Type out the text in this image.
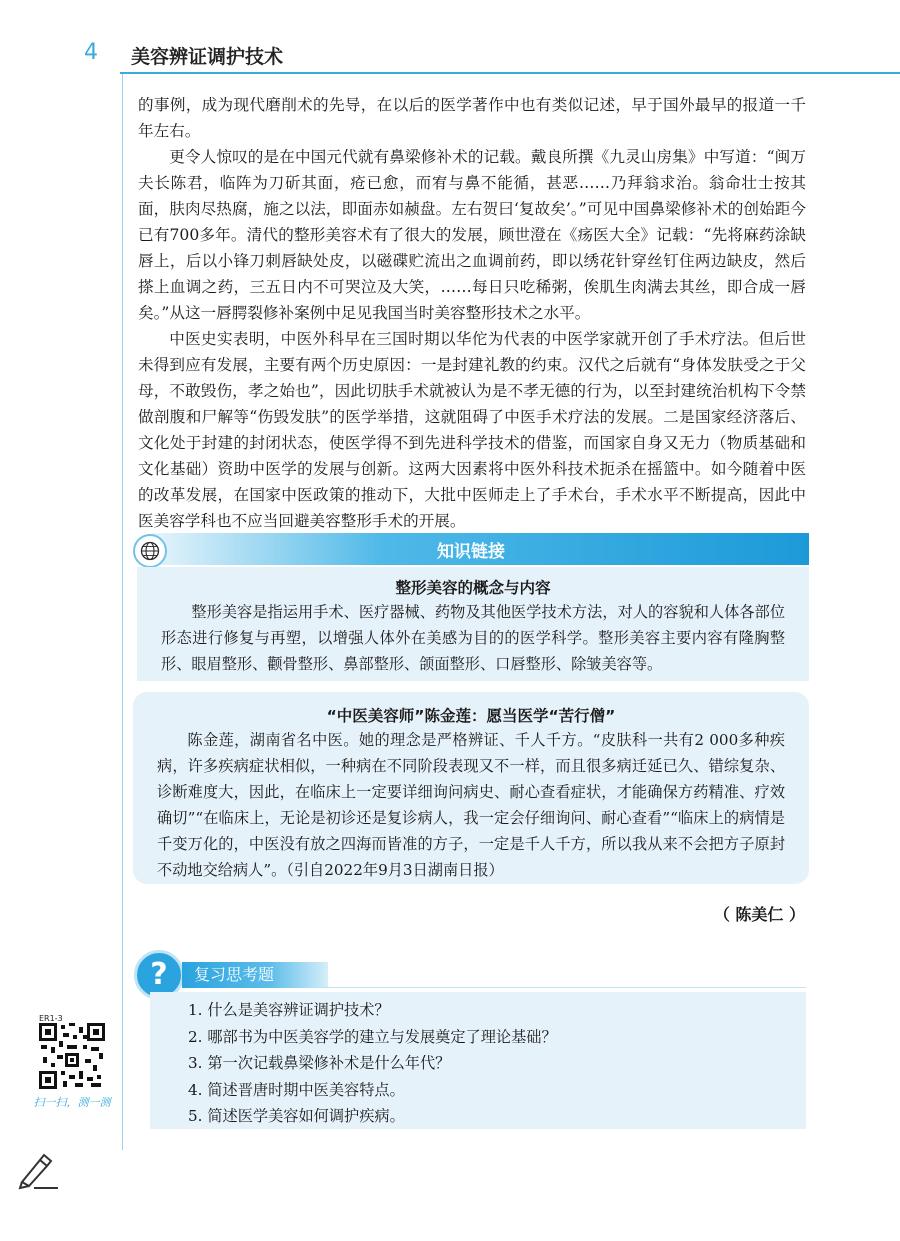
4 美容辨证调护技术

的事例，成为现代磨削术的先导，在以后的医学著作中也有类似记述，早于国外最早的报道一千年左右。

更令人惊叹的是在中国元代就有鼻梁修补术的记载。戴良所撰《九灵山房集》中写道：“闽万夫长陈君，临阵为刀斫其面，疮已愈，而宥与鼻不能循，甚恶……乃拜翁求治。翁命壮士按其面，肤肉尽热腐，施之以法，即面赤如赪盘。左右贺曰‘复故矣’。”可见中国鼻梁修补术的创始距今已有700多年。清代的整形美容术有了很大的发展，顾世澄在《疡医大全》记载：“先将麻药涂缺唇上，后以小锋刀刺唇缺处皮，以磁碟贮流出之血调前药，即以绣花针穿丝钉住两边缺皮，然后搽上血调之药，三五日内不可哭泣及大笑，……每日只吃稀粥，俟肌生肉满去其丝，即合成一唇矣。”从这一唇腭裂修补案例中足见我国当时美容整形技术之水平。

中医史实表明，中医外科早在三国时期以华佗为代表的中医学家就开创了手术疗法。但后世未得到应有发展，主要有两个历史原因：一是封建礼教的约束。汉代之后就有“身体发肤受之于父母，不敢毁伤，孝之始也”，因此切肤手术就被认为是不孝无德的行为，以至封建统治机构下令禁做剖腹和尸解等“伤毁发肤”的医学举措，这就阻碍了中医手术疗法的发展。二是国家经济落后、文化处于封建的封闭状态，使医学得不到先进科学技术的借鉴，而国家自身又无力（物质基础和文化基础）资助中医学的发展与创新。这两大因素将中医外科技术扼杀在摇篮中。如今随着中医的改革发展，在国家中医政策的推动下，大批中医师走上了手术台，手术水平不断提高，因此中医美容学科也不应当回避美容整形手术的开展。

知识链接
整形美容的概念与内容

整形美容是指运用手术、医疗器械、药物及其他医学技术方法，对人的容貌和人体各部位形态进行修复与再塑，以增强人体外在美感为目的的医学科学。整形美容主要内容有隆胸整形、眼眉整形、颧骨整形、鼻部整形、颌面整形、口唇整形、除皱美容等。

“中医美容师”陈金莲：愿当医学“苦行僧”

陈金莲，湖南省名中医。她的理念是严格辨证、千人千方。“皮肤科一共有2 000多种疾病，许多疾病症状相似，一种病在不同阶段表现又不一样，而且很多病迁延已久、错综复杂、诊断难度大，因此，在临床上一定要详细询问病史、耐心查看症状，才能确保方药精准、疗效确切”“在临床上，无论是初诊还是复诊病人，我一定会仔细询问、耐心查看”“临床上的病情是千变万化的，中医没有放之四海而皆准的方子，一定是千人千方，所以我从来不会把方子原封不动地交给病人”。（引自2022年9月3日湖南日报）

（ 陈美仁 ）
?	复习思考题
1. 什么是美容辨证调护技术？
2. 哪部书为中医美容学的建立与发展奠定了理论基础？
3. 第一次记载鼻梁修补术是什么年代？
4. 简述晋唐时期中医美容特点。
5. 简述医学美容如何调护疾病。
ER1-3
扫一扫，测一测
